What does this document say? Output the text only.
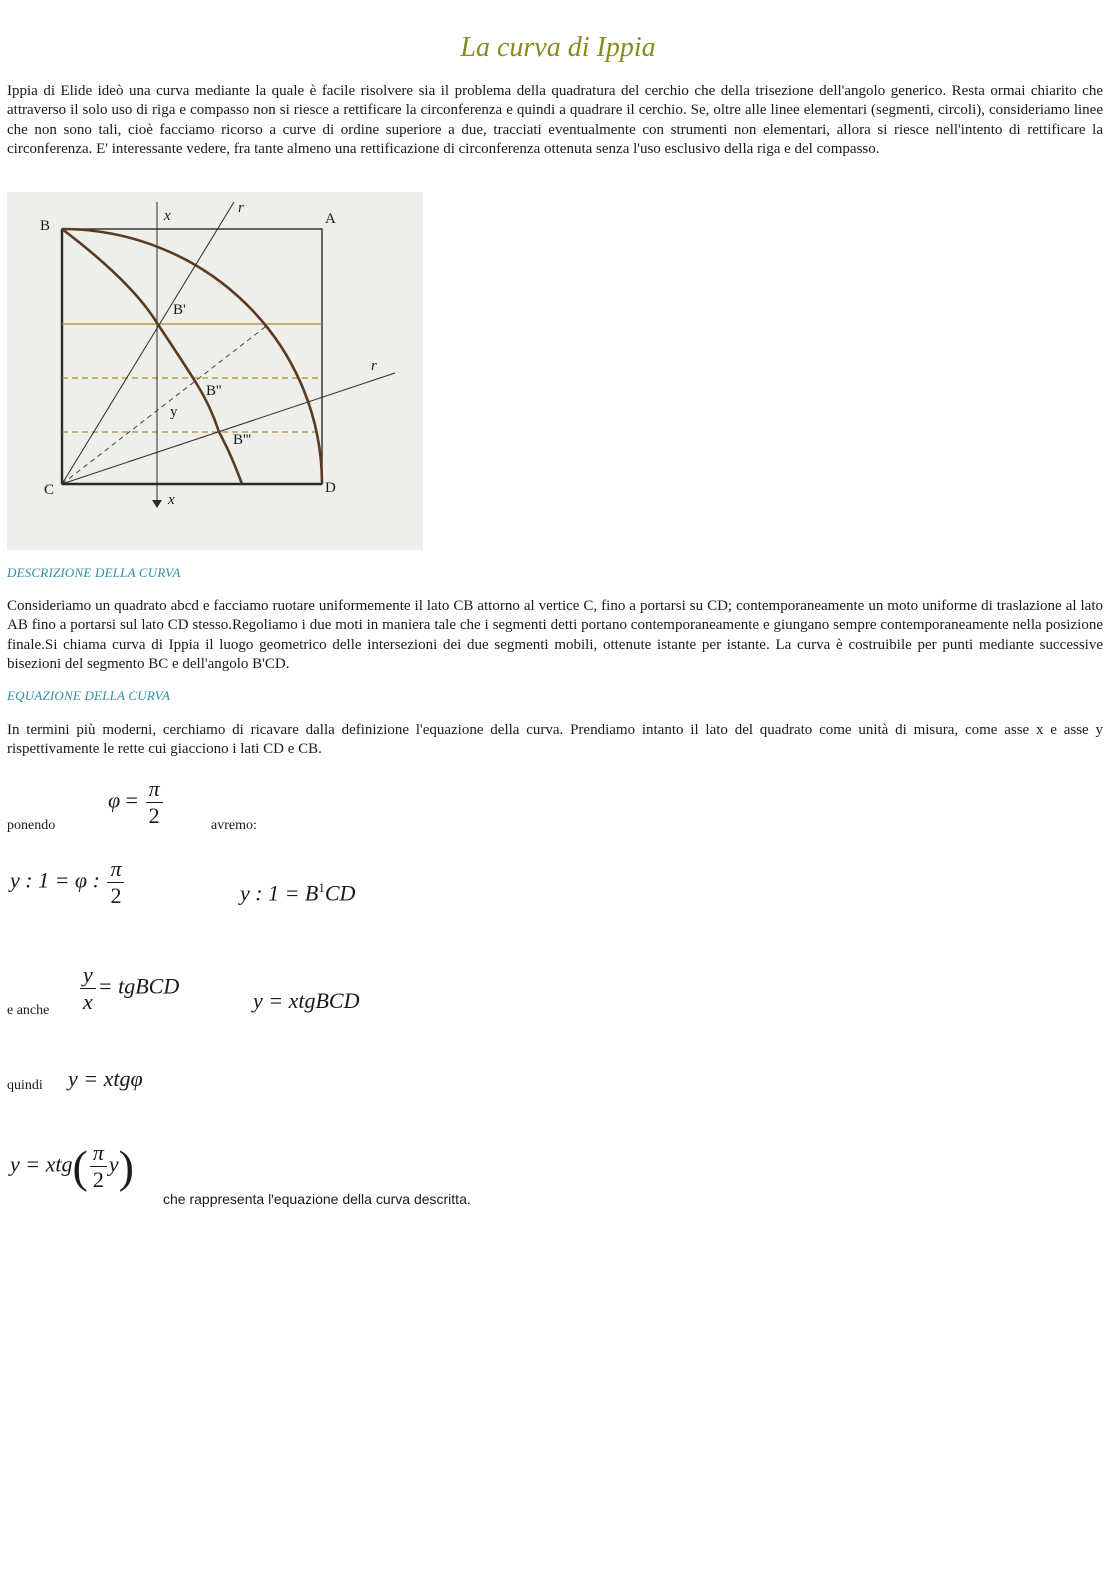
La curva di Ippia

Ippia di Elide ideò una curva mediante la quale è facile risolvere sia il problema della quadratura del cerchio che della trisezione dell'angolo generico. Resta ormai chiarito che attraverso il solo uso di riga e compasso non si riesce a rettificare la circonferenza e quindi a quadrare il cerchio. Se, oltre alle linee elementari (segmenti, circoli), consideriamo linee che non sono tali, cioè facciamo ricorso a curve di ordine superiore a due, tracciati eventualmente con strumenti non elementari, allora si riesce nell'intento di rettificare la circonferenza. E' interessante vedere, fra tante almeno una rettificazione di circonferenza ottenuta senza l'uso esclusivo della riga e del compasso.

B	A
C	D
x
x
r
r
B'
B''
B'''
y
DESCRIZIONE DELLA CURVA

Consideriamo un quadrato abcd e facciamo ruotare uniformemente il lato CB attorno al vertice C, fino a portarsi su CD; contemporaneamente un moto uniforme di traslazione al lato AB fino a portarsi sul lato CD stesso.Regoliamo i due moti in maniera tale che i segmenti detti portano contemporaneamente e giungano sempre contemporaneamente nella posizione finale.Si chiama curva di Ippia il luogo geometrico delle intersezioni dei due segmenti mobili, ottenute istante per istante. La curva è costruibile per punti mediante successive bisezioni del segmento BC e dell'angolo B'CD.

EQUAZIONE DELLA CURVA

In termini più moderni, cerchiamo di ricavare dalla definizione l'equazione della curva. Prendiamo intanto il lato del quadrato come unità di misura, come asse x e asse y rispettivamente le rette cui giacciono i lati CD e CB.

ponendo
$\varphi = \frac{\pi}{2}$	avremo:
y : 1 = φ : $\frac{\pi}{2}$	y : $1 = B^1CD$
e anche $\frac{y}{x}$ = tgBCD
y = xtgBCD
quindi y = xtgφ
$y = xtg( \frac{\pi}{2} y)$
che rappresenta l'equazione della curva descritta.
